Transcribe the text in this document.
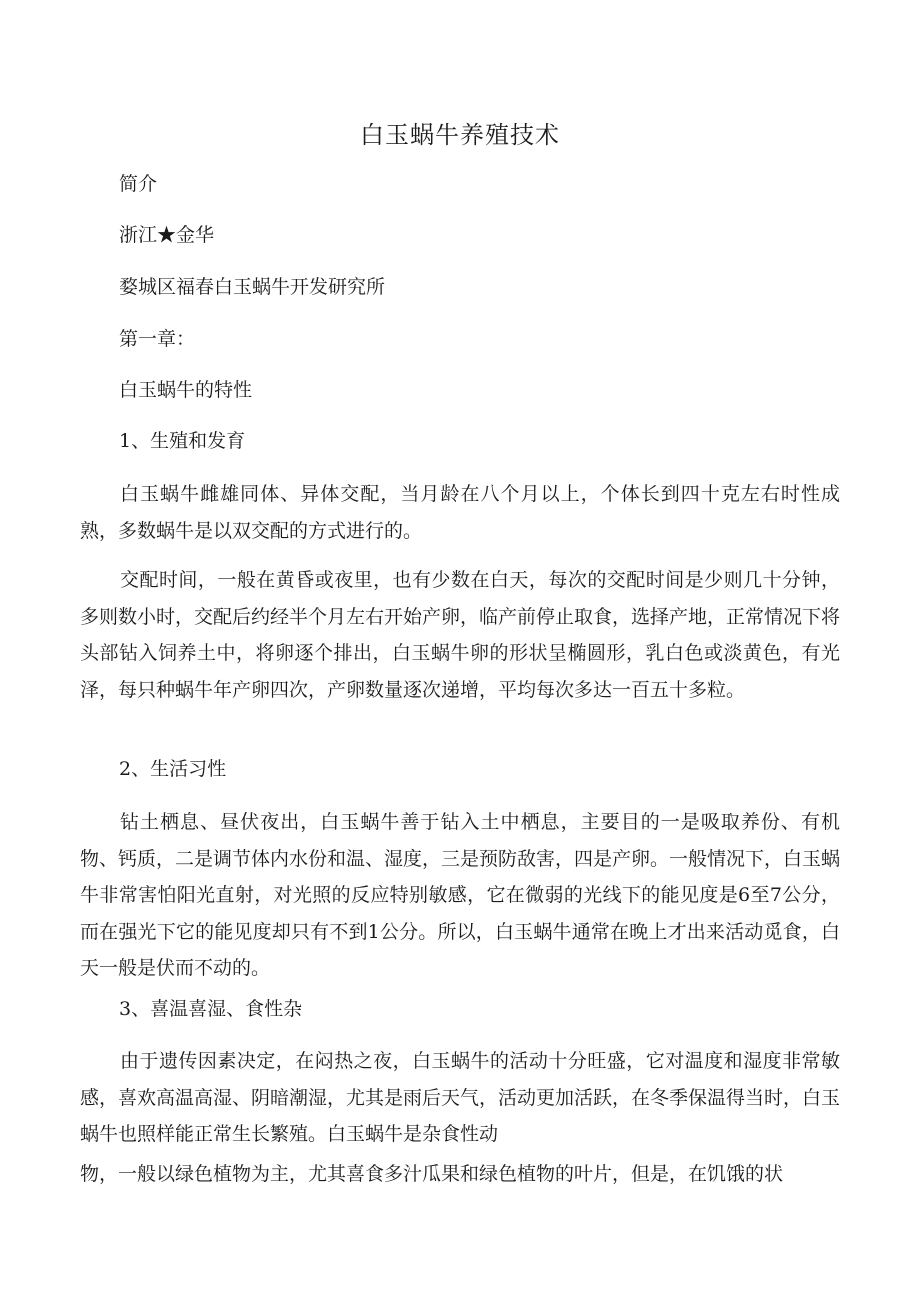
白玉蜗牛养殖技术
简介
浙江★金华
婺城区福春白玉蜗牛开发研究所
第一章：
白玉蜗牛的特性
1、生殖和发育
白玉蜗牛雌雄同体、异体交配，当月龄在八个月以上，个体长到四十克左右时性成熟，多数蜗牛是以双交配的方式进行的。
交配时间，一般在黄昏或夜里，也有少数在白天，每次的交配时间是少则几十分钟，多则数小时，交配后约经半个月左右开始产卵，临产前停止取食，选择产地，正常情况下将头部钻入饲养土中，将卵逐个排出，白玉蜗牛卵的形状呈椭圆形，乳白色或淡黄色，有光泽，每只种蜗牛年产卵四次，产卵数量逐次递增，平均每次多达一百五十多粒。
2、生活习性
钻土栖息、昼伏夜出，白玉蜗牛善于钻入土中栖息，主要目的一是吸取养份、有机物、钙质，二是调节体内水份和温、湿度，三是预防敌害，四是产卵。一般情况下，白玉蜗牛非常害怕阳光直射，对光照的反应特别敏感，它在微弱的光线下的能见度是6至7公分，而在强光下它的能见度却只有不到1公分。所以，白玉蜗牛通常在晚上才出来活动觅食，白天一般是伏而不动的。
3、喜温喜湿、食性杂
由于遗传因素决定，在闷热之夜，白玉蜗牛的活动十分旺盛，它对温度和湿度非常敏感，喜欢高温高湿、阴暗潮湿，尤其是雨后天气，活动更加活跃，在冬季保温得当时，白玉蜗牛也照样能正常生长繁殖。白玉蜗牛是杂食性动
物，一般以绿色植物为主，尤其喜食多汁瓜果和绿色植物的叶片，但是，在饥饿的状
